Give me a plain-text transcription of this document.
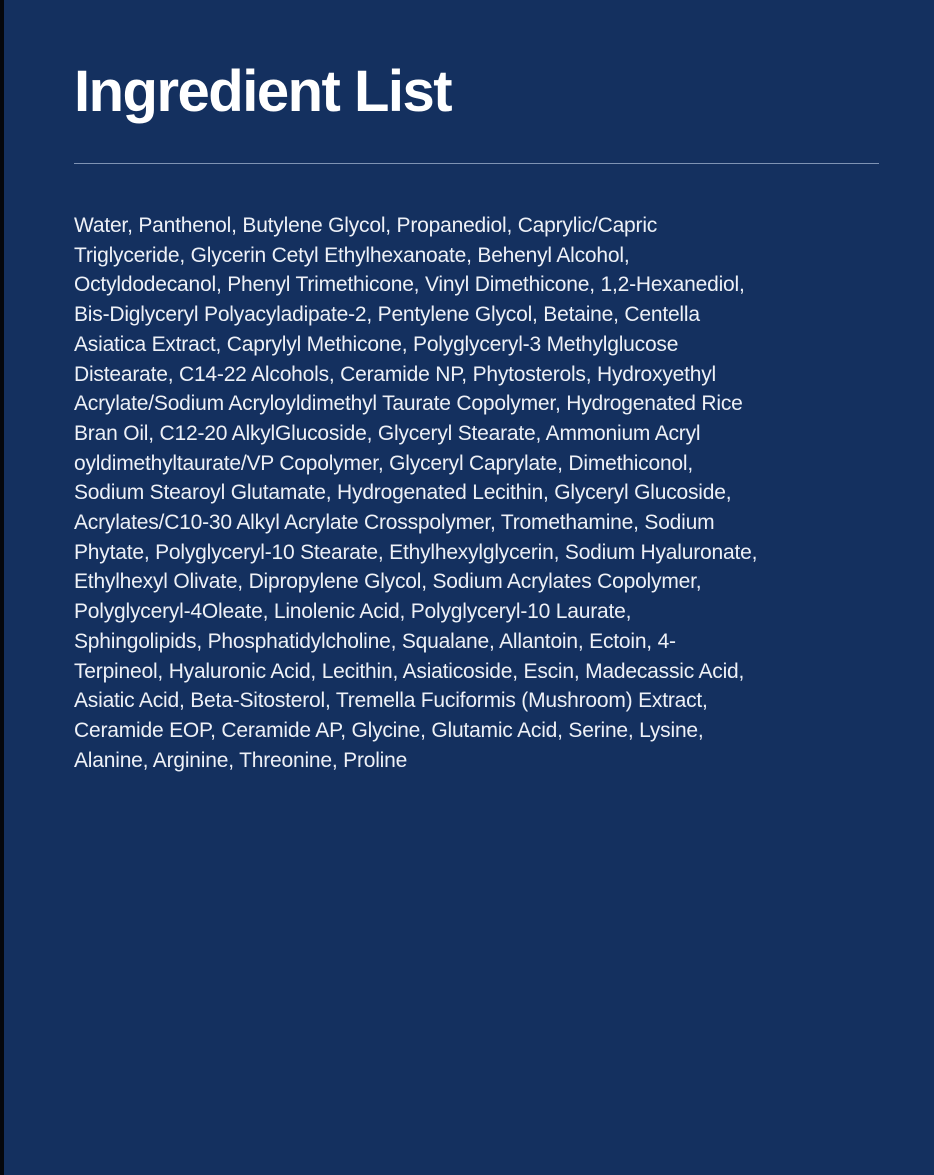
Ingredient List
Water, Panthenol, Butylene Glycol, Propanediol, Caprylic/Capric
Triglyceride, Glycerin Cetyl Ethylhexanoate, Behenyl Alcohol,
Octyldodecanol, Phenyl Trimethicone, Vinyl Dimethicone, 1,2-Hexanediol,
Bis-Diglyceryl Polyacyladipate-2, Pentylene Glycol, Betaine, Centella
Asiatica Extract, Caprylyl Methicone, Polyglyceryl-3 Methylglucose
Distearate, C14-22 Alcohols, Ceramide NP, Phytosterols, Hydroxyethyl
Acrylate/Sodium Acryloyldimethyl Taurate Copolymer, Hydrogenated Rice
Bran Oil, C12-20 AlkylGlucoside, Glyceryl Stearate, Ammonium Acryl
oyldimethyltaurate/VP Copolymer, Glyceryl Caprylate, Dimethiconol,
Sodium Stearoyl Glutamate, Hydrogenated Lecithin, Glyceryl Glucoside,
Acrylates/C10-30 Alkyl Acrylate Crosspolymer, Tromethamine, Sodium
Phytate, Polyglyceryl-10 Stearate, Ethylhexylglycerin, Sodium Hyaluronate,
Ethylhexyl Olivate, Dipropylene Glycol, Sodium Acrylates Copolymer,
Polyglyceryl-4Oleate, Linolenic Acid, Polyglyceryl-10 Laurate,
Sphingolipids, Phosphatidylcholine, Squalane, Allantoin, Ectoin, 4-
Terpineol, Hyaluronic Acid, Lecithin, Asiaticoside, Escin, Madecassic Acid,
Asiatic Acid, Beta-Sitosterol, Tremella Fuciformis (Mushroom) Extract,
Ceramide EOP, Ceramide AP, Glycine, Glutamic Acid, Serine, Lysine,
Alanine, Arginine, Threonine, Proline
